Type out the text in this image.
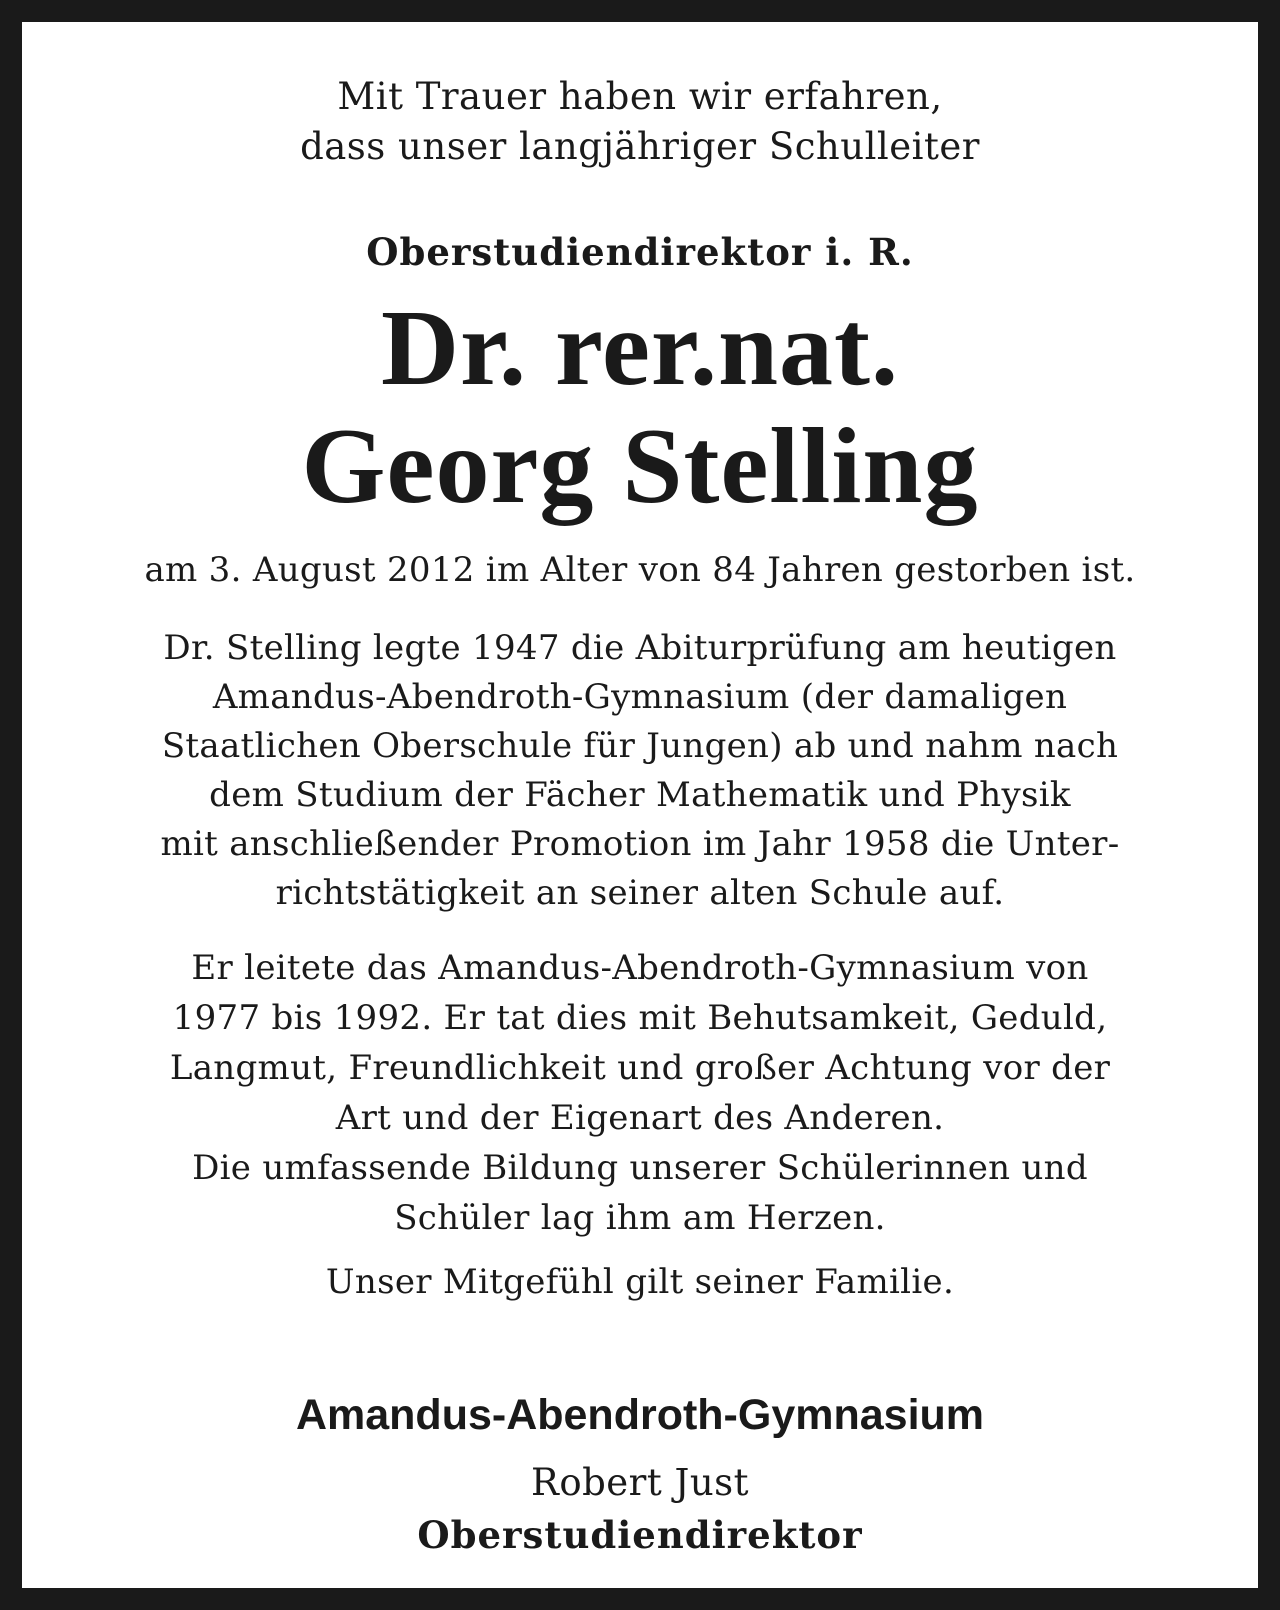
Mit Trauer haben wir erfahren,
dass unser langjähriger Schulleiter
Oberstudiendirektor i. R.
Dr. rer.nat.
Georg Stelling
am 3. August 2012 im Alter von 84 Jahren gestorben ist.
Dr. Stelling legte 1947 die Abiturprüfung am heutigen
Amandus-Abendroth-Gymnasium (der damaligen
Staatlichen Oberschule für Jungen) ab und nahm nach
dem Studium der Fächer Mathematik und Physik
mit anschließender Promotion im Jahr 1958 die Unter-
richtstätigkeit an seiner alten Schule auf.
Er leitete das Amandus-Abendroth-Gymnasium von
1977 bis 1992. Er tat dies mit Behutsamkeit, Geduld,
Langmut, Freundlichkeit und großer Achtung vor der
Art und der Eigenart des Anderen.
Die umfassende Bildung unserer Schülerinnen und
Schüler lag ihm am Herzen.
Unser Mitgefühl gilt seiner Familie.
Amandus-Abendroth-Gymnasium
Robert Just
Oberstudiendirektor
